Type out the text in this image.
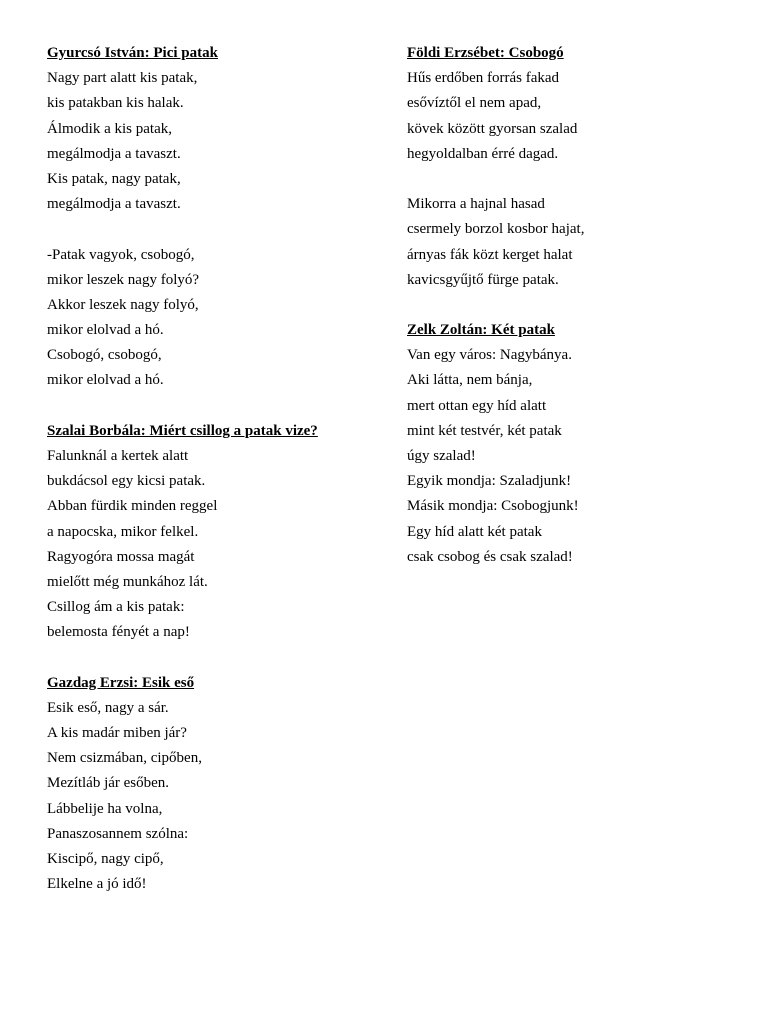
Gyurcsó István: Pici patak
Nagy part alatt kis patak,
kis patakban kis halak.
Álmodik a kis patak,
megálmodja a tavaszt.
Kis patak, nagy patak,
megálmodja a tavaszt.
-Patak vagyok, csobogó,
mikor leszek nagy folyó?
Akkor leszek nagy folyó,
mikor elolvad a hó.
Csobogó, csobogó,
mikor elolvad a hó.
Szalai Borbála: Miért csillog a patak vize?
Falunknál a kertek alatt
bukdácsol egy kicsi patak.
Abban fürdik minden reggel
a napocska, mikor felkel.
Ragyogóra mossa magát
mielőtt még munkához lát.
Csillog ám a kis patak:
belemosta fényét a nap!
Gazdag Erzsi: Esik eső
Esik eső, nagy a sár.
A kis madár miben jár?
Nem csizmában, cipőben,
Mezítláb jár esőben.
Lábbelije ha volna,
Panaszosannem szólna:
Kiscipő, nagy cipő,
Elkelne a jó idő!
Földi Erzsébet: Csobogó
Hűs erdőben forrás fakad
esővíztől el nem apad,
kövek között gyorsan szalad
hegyoldalban érré dagad.
Mikorra a hajnal hasad
csermely borzol kosbor hajat,
árnyas fák közt kerget halat
kavicsgyűjtő fürge patak.
Zelk Zoltán: Két patak
Van egy város: Nagybánya.
Aki látta, nem bánja,
mert ottan egy híd alatt
mint két testvér, két patak
úgy szalad!
Egyik mondja: Szaladjunk!
Másik mondja: Csobogjunk!
Egy híd alatt két patak
csak csobog és csak szalad!
